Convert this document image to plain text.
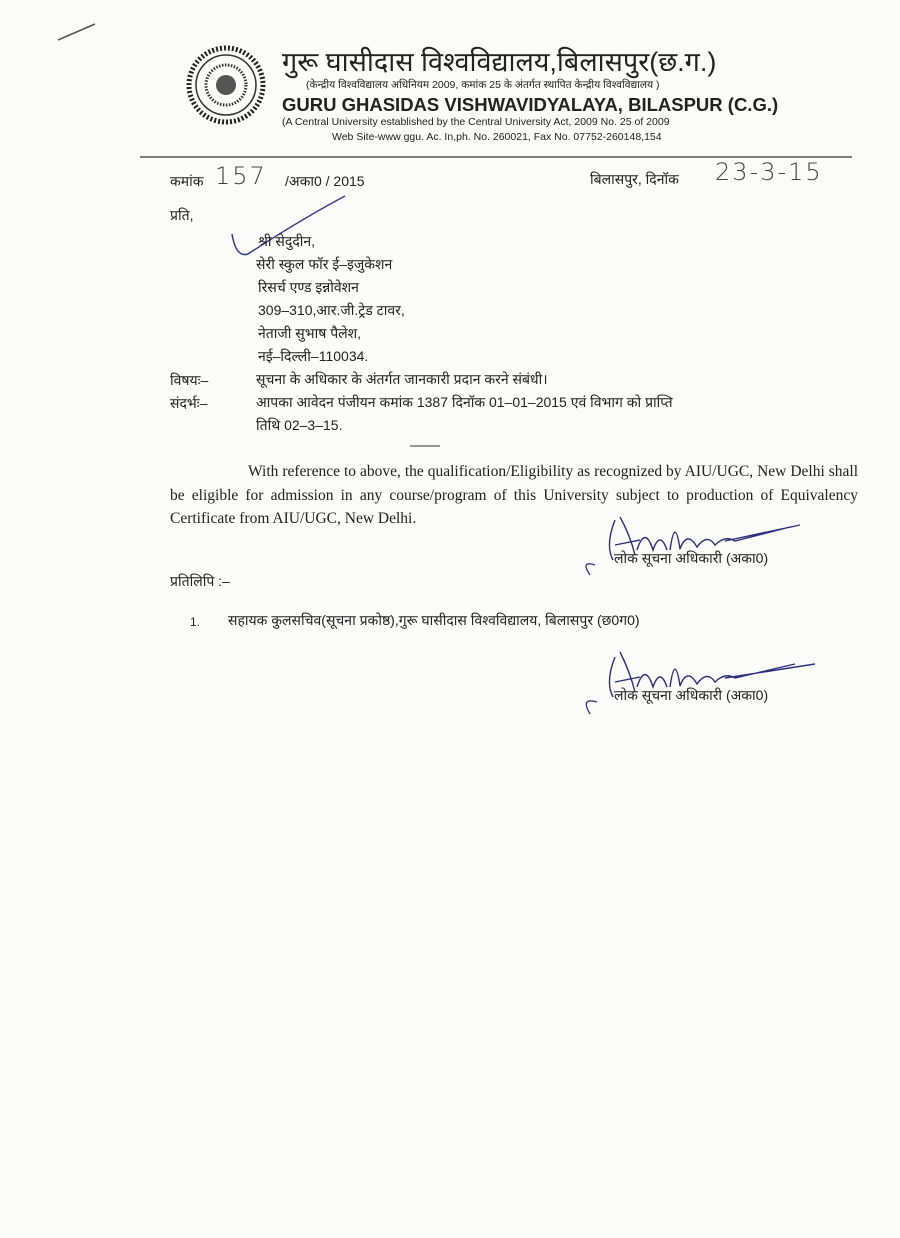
गुरू घासीदास विश्वविद्यालय,बिलासपुर(छ.ग.)
(केन्द्रीय विश्वविद्यालय अधिनियम 2009, कमांक 25 के अंतर्गत स्थापित केन्द्रीय विश्वविद्यालय )
GURU GHASIDAS VISHWAVIDYALAYA, BILASPUR (C.G.)
(A Central University established by the Central University Act, 2009 No. 25 of 2009
Web Site-www ggu. Ac. In,ph. No. 260021, Fax No. 07752-260148,154
कमांक 157 /अका0 / 2015	बिलासपुर, दिनॉक 23-3-15
प्रति,
श्री सेदुदीन,
सेरी स्कुल फॉर ई–इजुकेशन
रिसर्च एण्ड इन्नोवेशन
309–310,आर.जी.ट्रेड टावर,
नेताजी सुभाष पैलेश,
नई–दिल्ली–110034.
विषयः–	सूचना के अधिकार के अंतर्गत जानकारी प्रदान करने संबंधी।
संदर्भः–	आपका आवेदन पंजीयन कमांक 1387 दिनॉक 01–01–2015 एवं विभाग को प्राप्ति
तिथि 02–3–15.
With reference to above, the qualification/Eligibility as recognized by AIU/UGC, New Delhi shall be eligible for admission in any course/program of this University subject to production of Equivalency Certificate from AIU/UGC, New Delhi.
लोक सूचना अधिकारी (अका0)
प्रतिलिपि :–
1. सहायक कुलसचिव(सूचना प्रकोष्ठ),गुरू घासीदास विश्वविद्यालय, बिलासपुर (छ0ग0)
लोक सूचना अधिकारी (अका0)
